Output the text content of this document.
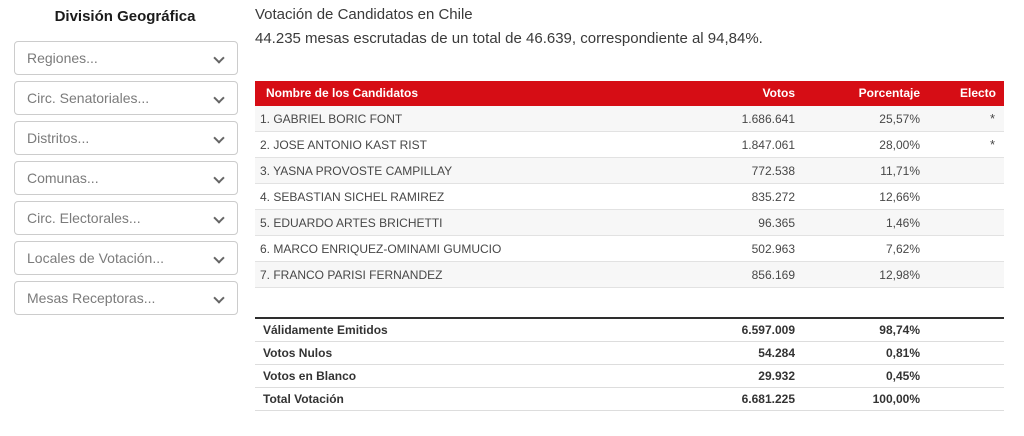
División Geográfica
Regiones...
Circ. Senatoriales...
Distritos...
Comunas...
Circ. Electorales...
Locales de Votación...
Mesas Receptoras...
Votación de Candidatos en Chile
44.235 mesas escrutadas de un total de 46.639, correspondiente al 94,84%.
Nombre de los Candidatos	Votos	Porcentaje	Electo
1. GABRIEL BORIC FONT	1.686.641	25,57%	*
2. JOSE ANTONIO KAST RIST	1.847.061	28,00%	*
3. YASNA PROVOSTE CAMPILLAY	772.538	11,71%
4. SEBASTIAN SICHEL RAMIREZ	835.272	12,66%
5. EDUARDO ARTES BRICHETTI	96.365	1,46%
6. MARCO ENRIQUEZ-OMINAMI GUMUCIO	502.963	7,62%
7. FRANCO PARISI FERNANDEZ	856.169	12,98%
Válidamente Emitidos	6.597.009	98,74%
Votos Nulos	54.284	0,81%
Votos en Blanco	29.932	0,45%
Total Votación	6.681.225	100,00%
